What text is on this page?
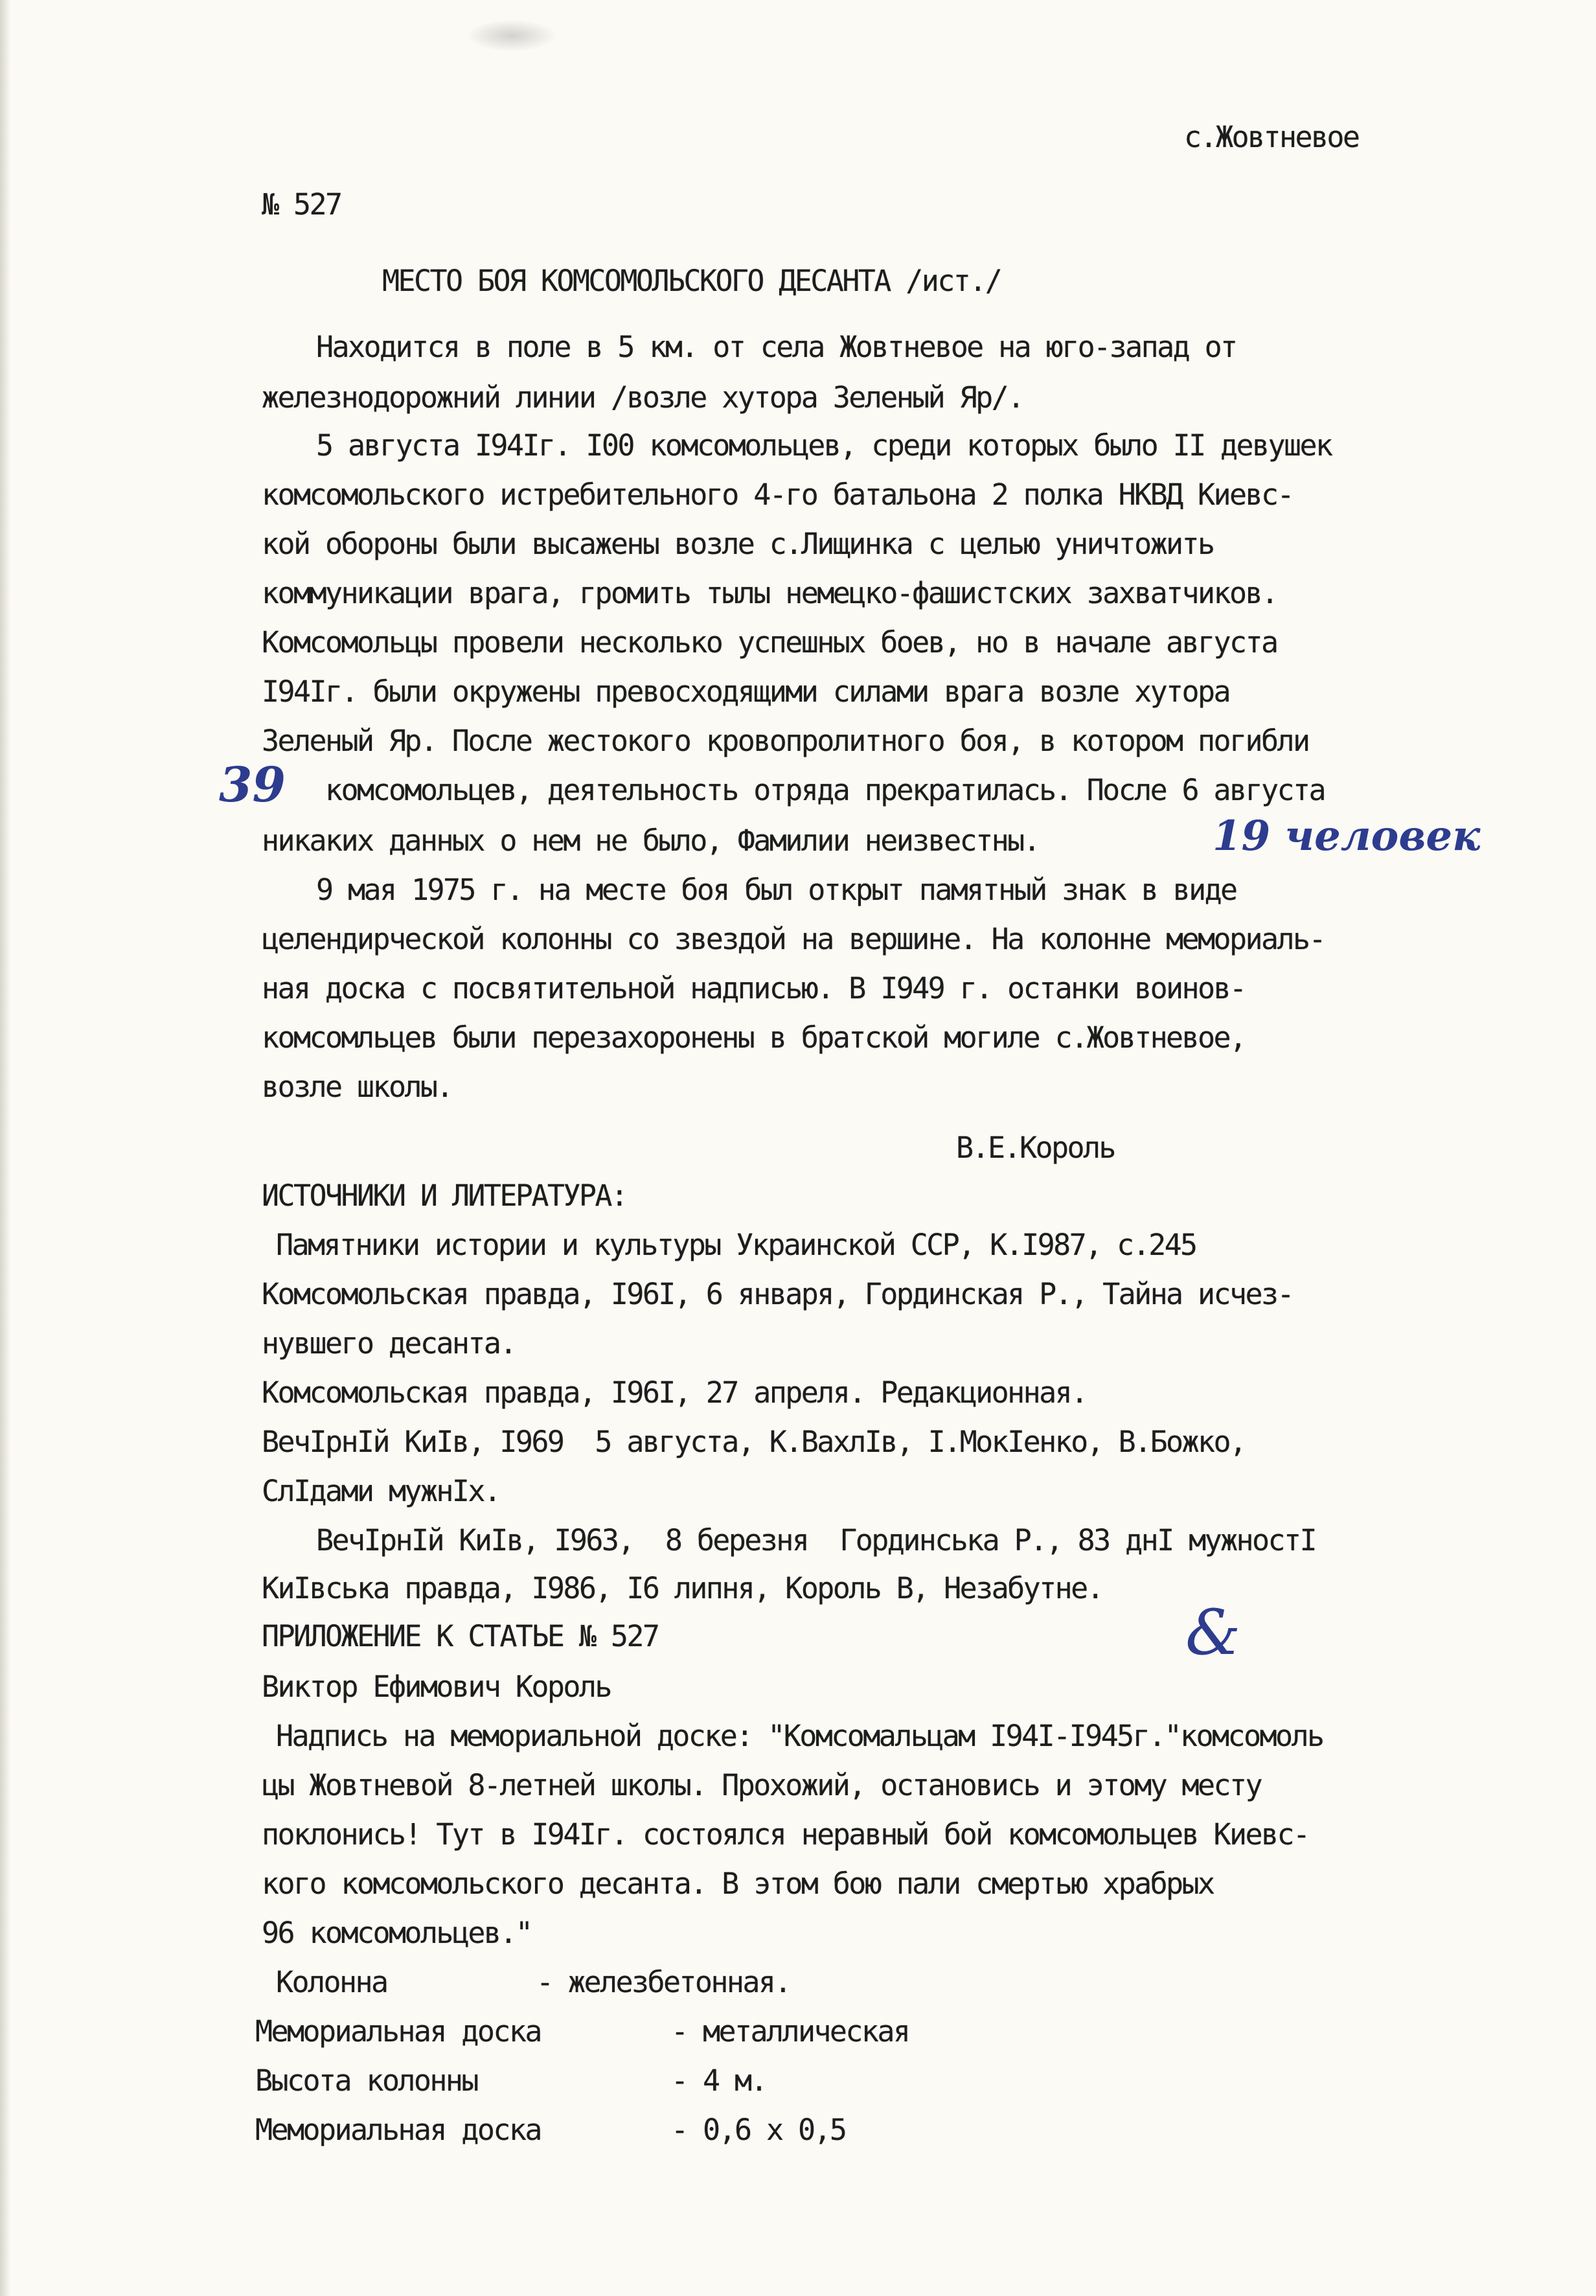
с.Жовтневое

№ 527

МЕСТО БОЯ КОМСОМОЛЬСКОГО ДЕСАНТА /ист./

Находится в поле в 5 км. от села Жовтневое на юго-запад от

железнодорожний линии /возле хутора Зеленый Яр/.

5 августа I94Iг. I00 комсомольцев, среди которых было II девушек

комсомольского истребительного 4-го батальона 2 полка НКВД Киевс-

кой обороны были высажены возле с.Лищинка с целью уничтожить

коммуникации врага, громить тылы немецко-фашистских захватчиков.

Комсомольцы провели несколько успешных боев, но в начале августа

I94Iг. были окружены превосходящими силами врага возле хутора

Зеленый Яр. После жестокого кровопролитного боя, в котором погибли

комсомольцев, деятельность отряда прекратилась. После 6 августа

никаких данных о нем не было, Фамилии неизвестны.

9 мая 1975 г. на месте боя был открыт памятный знак в виде

целендирческой колонны со звездой на вершине. На колонне мемориаль-

ная доска с посвятительной надписью. В I949 г. останки воинов-

комсомльцев были перезахоронены в братской могиле с.Жовтневое,

возле школы.

39

19 человек

В.Е.Король

ИСТОЧНИКИ И ЛИТЕРАТУРА:

Памятники истории и культуры Украинской ССР, К.I987, с.245

Комсомольская правда, I96I, 6 января, Гординская Р., Тайна исчез-

нувшего десанта.

Комсомольская правда, I96I, 27 апреля. Редакционная.

ВечIрнIй КиIв, I969  5 августа, К.ВахлIв, I.МокIенко, В.Божко,

СлIдами мужнIх.

ВечIрнIй КиIв, I963,  8 березня  Гординська Р., 83 днI мужностI

КиIвська правда, I986, I6 липня, Король В, Незабутне.

ПРИЛОЖЕНИЕ К СТАТЬЕ № 527	&

Виктор Ефимович Король

Надпись на мемориальной доске: "Комсомальцам I94I-I945г."комсомоль

цы Жовтневой 8-летней школы. Прохожий, остановись и этому месту

поклонись! Тут в I94Iг. состоялся неравный бой комсомольцев Киевс-

кого комсомольского десанта. В этом бою пали смертью храбрых

96 комсомольцев."

Колонна	- железбетонная.

Мемориальная доска	- металлическая

Высота колонны	- 4 м.

Мемориальная доска	- 0,6 х 0,5
